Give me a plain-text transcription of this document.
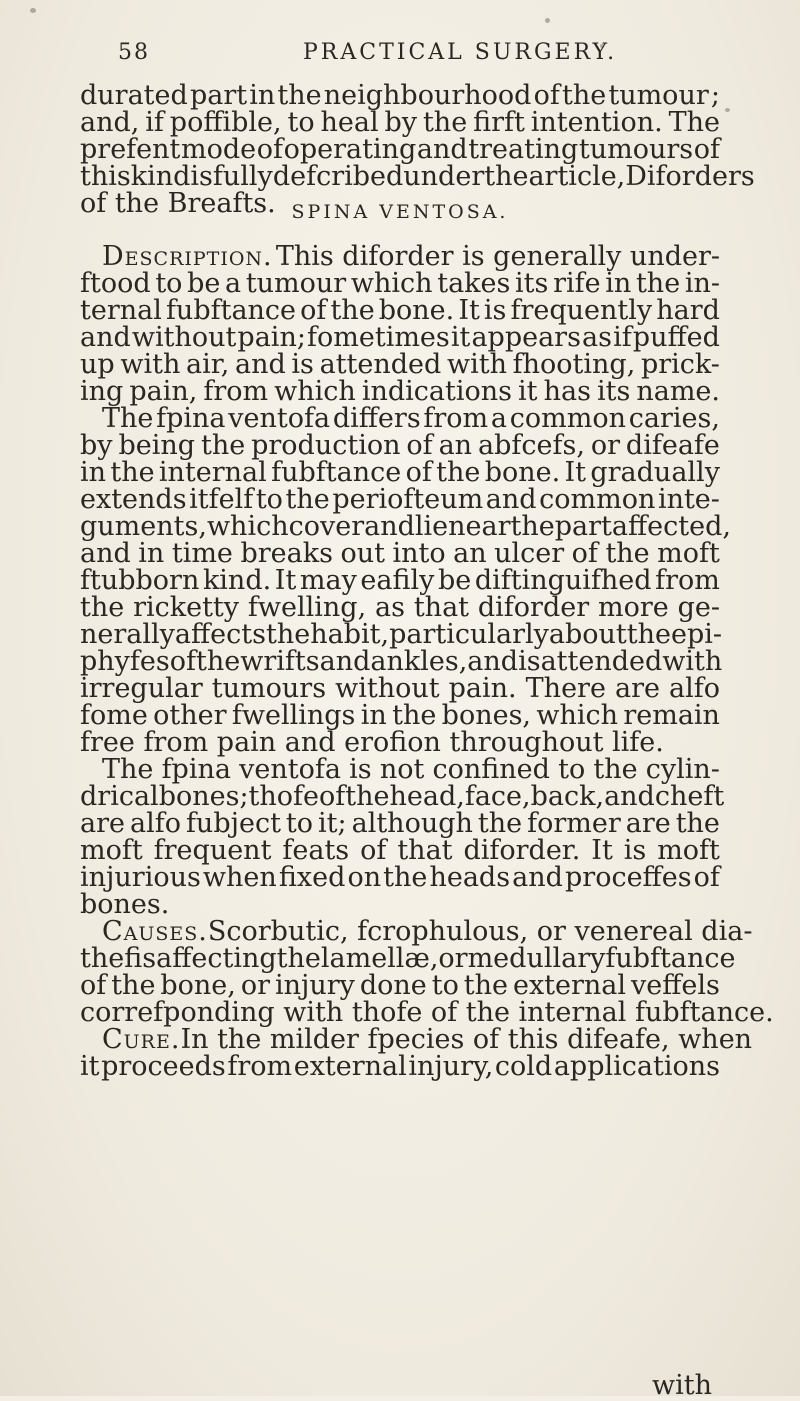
58	PRACTICAL SURGERY.
durated part in the neighbourhood of the tumour ;
and, if poffible, to heal by the firft intention. The
prefent mode of operating and treating tumours of
this kind is fully defcribed under the article, Diforders
of the Breafts. SPINA VENTOSA.
Description. This diforder is generally under-
ftood to be a tumour which takes its rife in the in-
ternal fubftance of the bone. It is frequently hard
and without pain; fometimes it appears as if puffed
up with air, and is attended with fhooting, prick-
ing pain, from which indications it has its name.
The fpina ventofa differs from a common caries,
by being the production of an abfcefs, or difeafe
in the internal fubftance of the bone. It gradually
extends itfelf to the periofteum and common inte-
guments, which cover and lie near the part affected,
and in time breaks out into an ulcer of the moft
ftubborn kind. It may eafily be diftinguifhed from
the ricketty fwelling, as that diforder more ge-
nerally affects the habit, particularly about the epi-
phyfes of the wrifts and ankles, and is attended with
irregular tumours without pain. There are alfo
fome other fwellings in the bones, which remain
free from pain and erofion throughout life.
The fpina ventofa is not confined to the cylin-
drical bones; thofe of the head, face, back, and cheft
are alfo fubject to it; although the former are the
moft frequent feats of that diforder. It is moft
injurious when fixed on the heads and proceffes of
bones.
Causes. Scorbutic, fcrophulous, or venereal dia-
thefis affecting the lamellæ, or medullary fubftance
of the bone, or injury done to the external veffels
correfponding with thofe of the internal fubftance.
Cure. In the milder fpecies of this difeafe, when
it proceeds from external injury, cold applications
with
